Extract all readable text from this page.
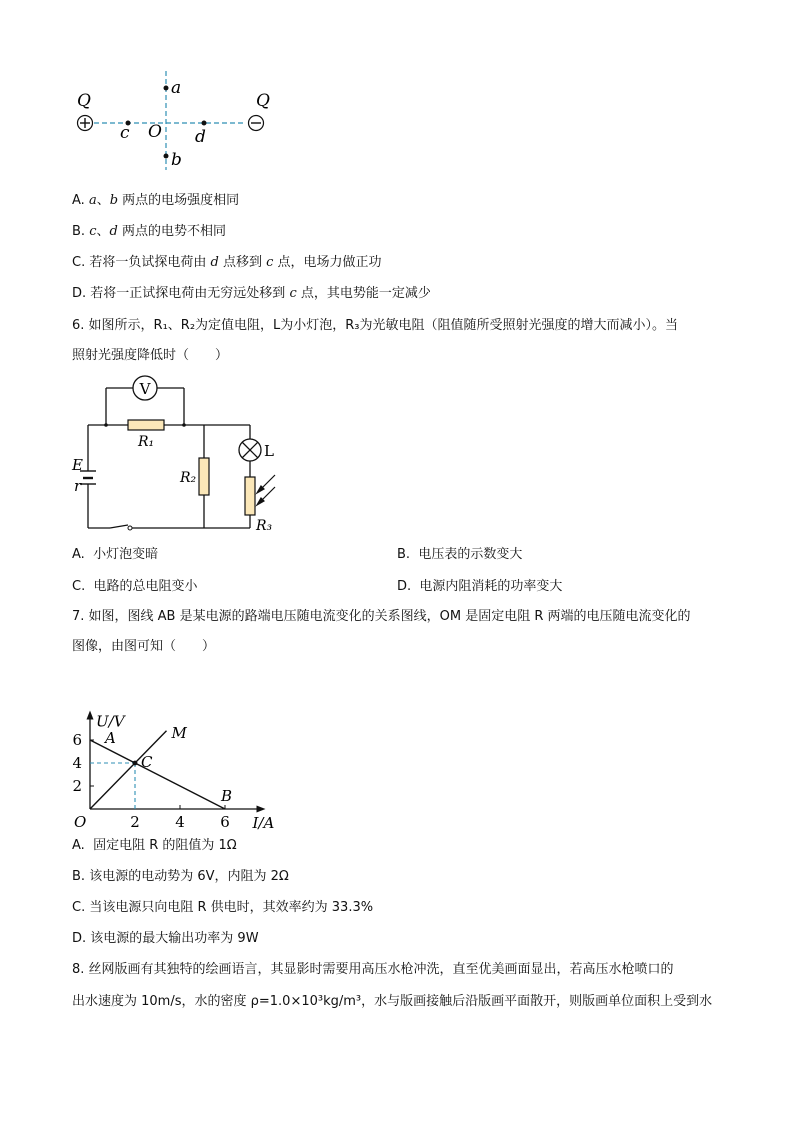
Q	Q
a
b
c O d
A. a、b 两点的电场强度相同
B. c、d 两点的电势不相同
C. 若将一负试探电荷由 d 点移到 c 点，电场力做正功
D. 若将一正试探电荷由无穷远处移到 c 点，其电势能一定减少
6. 如图所示，R₁、R₂为定值电阻，L为小灯泡，R₃为光敏电阻（阻值随所受照射光强度的增大而减小）。当
照射光强度降低时（　　）
V
R₁
R₂
L
R₃
E
r
A. 小灯泡变暗	B. 电压表的示数变大
C. 电路的总电阻变小	D. 电源内阻消耗的功率变大
7. 如图，图线 AB 是某电源的路端电压随电流变化的关系图线，OM 是固定电阻 R 两端的电压随电流变化的
图像，由图可知（　　）
2 4 6
2
4
6
I/A
U/V
O
A
B
M
C
A. 固定电阻 R 的阻值为 1Ω
B. 该电源的电动势为 6V，内阻为 2Ω
C. 当该电源只向电阻 R 供电时，其效率约为 33.3%
D. 该电源的最大输出功率为 9W
8. 丝网版画有其独特的绘画语言，其显影时需要用高压水枪冲洗，直至优美画面显出，若高压水枪喷口的
出水速度为 10m/s，水的密度 ρ=1.0×10³kg/m³，水与版画接触后沿版画平面散开，则版画单位面积上受到水
